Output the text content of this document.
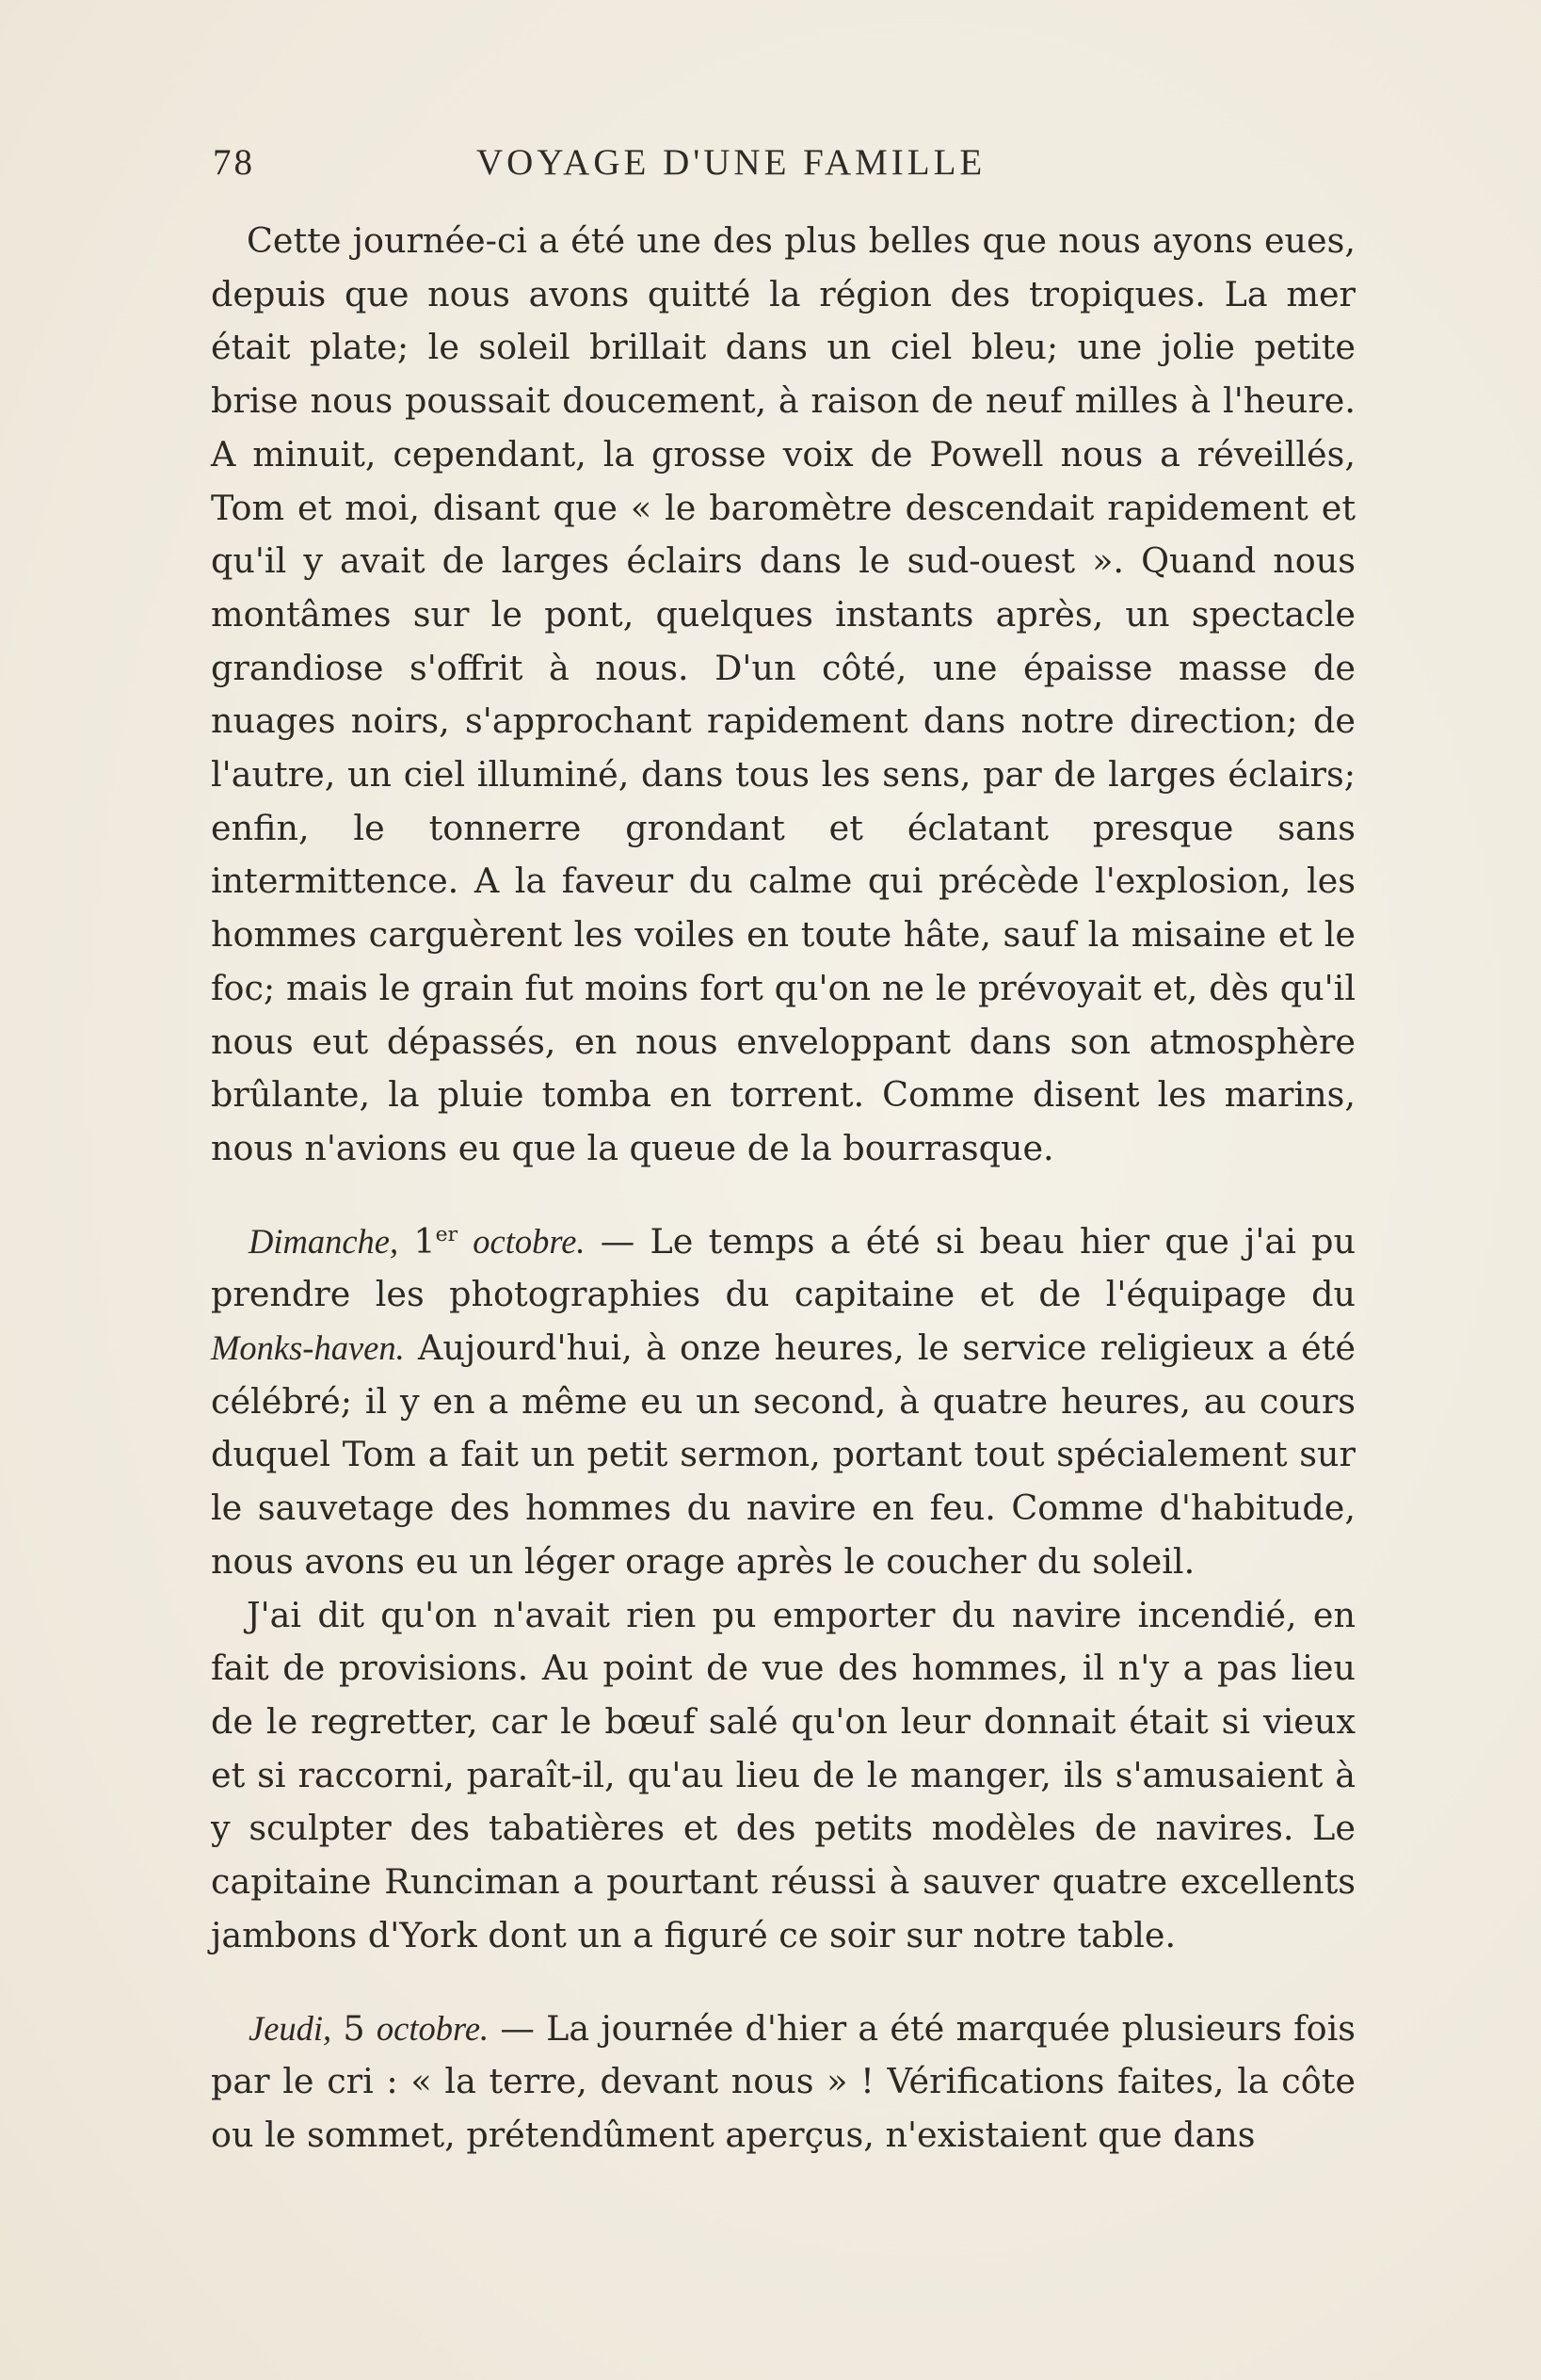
78	VOYAGE D'UNE FAMILLE

Cette journée-ci a été une des plus belles que nous ayons eues, depuis que nous avons quitté la région des tropiques. La mer était plate; le soleil brillait dans un ciel bleu; une jolie petite brise nous poussait doucement, à raison de neuf milles à l'heure. A minuit, cependant, la grosse voix de Powell nous a réveillés, Tom et moi, disant que « le baromètre descendait rapidement et qu'il y avait de larges éclairs dans le sud-ouest ». Quand nous montâmes sur le pont, quelques instants après, un spectacle grandiose s'offrit à nous. D'un côté, une épaisse masse de nuages noirs, s'approchant rapidement dans notre direction; de l'autre, un ciel illuminé, dans tous les sens, par de larges éclairs; enfin, le tonnerre grondant et éclatant presque sans intermittence. A la faveur du calme qui précède l'explosion, les hommes carguèrent les voiles en toute hâte, sauf la misaine et le foc; mais le grain fut moins fort qu'on ne le prévoyait et, dès qu'il nous eut dépassés, en nous enveloppant dans son atmosphère brûlante, la pluie tomba en torrent. Comme disent les marins, nous n'avions eu que la queue de la bourrasque.

Dimanche, 1er octobre. — Le temps a été si beau hier que j'ai pu prendre les photographies du capitaine et de l'équipage du Monks-haven. Aujourd'hui, à onze heures, le service religieux a été célébré; il y en a même eu un second, à quatre heures, au cours duquel Tom a fait un petit sermon, portant tout spécialement sur le sauvetage des hommes du navire en feu. Comme d'habitude, nous avons eu un léger orage après le coucher du soleil.

J'ai dit qu'on n'avait rien pu emporter du navire incendié, en fait de provisions. Au point de vue des hommes, il n'y a pas lieu de le regretter, car le bœuf salé qu'on leur donnait était si vieux et si raccorni, paraît-il, qu'au lieu de le manger, ils s'amusaient à y sculpter des tabatières et des petits modèles de navires. Le capitaine Runciman a pourtant réussi à sauver quatre excellents jambons d'York dont un a figuré ce soir sur notre table.

Jeudi, 5 octobre. — La journée d'hier a été marquée plusieurs fois par le cri : « la terre, devant nous » ! Vérifications faites, la côte ou le sommet, prétendûment aperçus, n'existaient que dans
